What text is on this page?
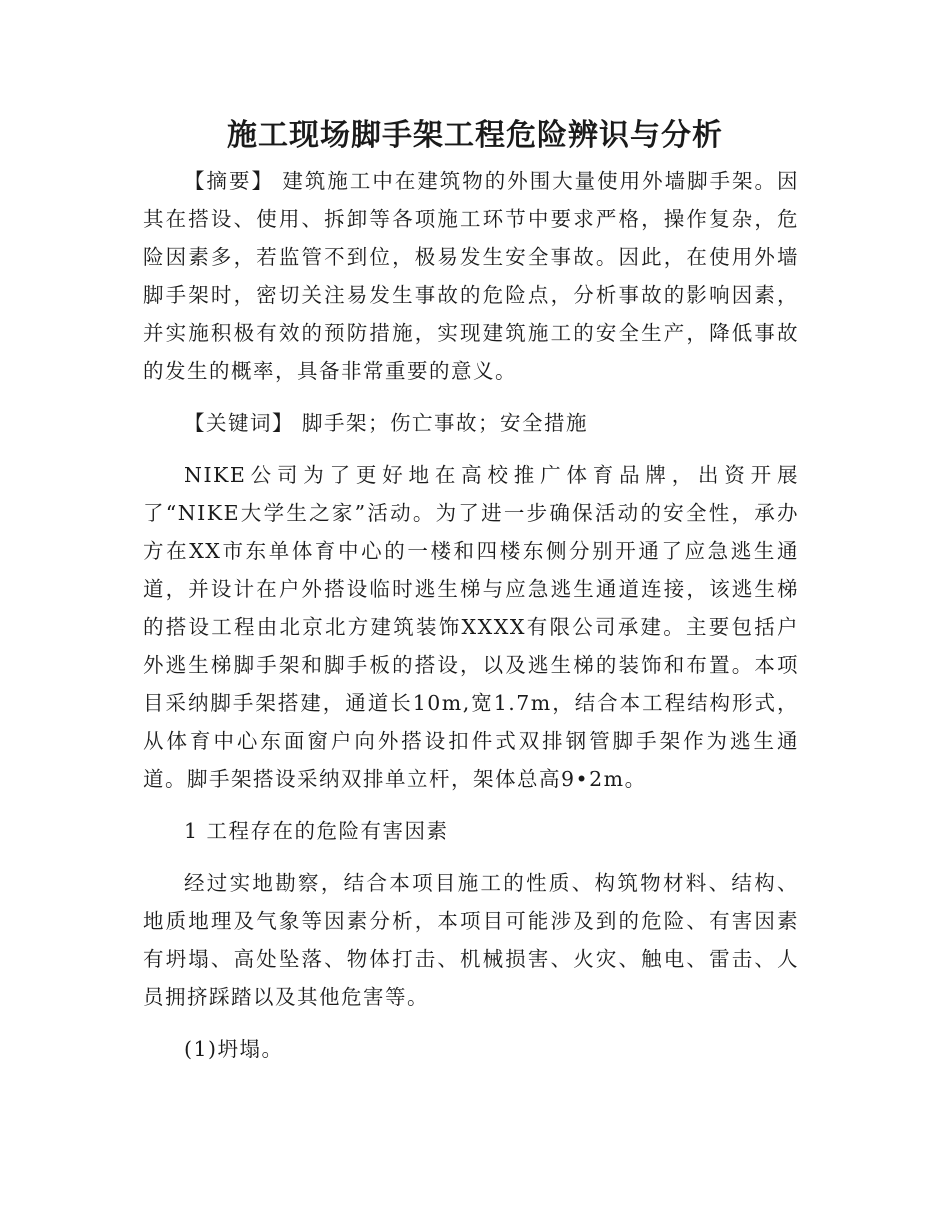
施工现场脚手架工程危险辨识与分析

【摘要】 建筑施工中在建筑物的外围大量使用外墙脚手架。因其在搭设、使用、拆卸等各项施工环节中要求严格，操作复杂，危险因素多，若监管不到位，极易发生安全事故。因此，在使用外墙脚手架时，密切关注易发生事故的危险点，分析事故的影响因素，并实施积极有效的预防措施，实现建筑施工的安全生产，降低事故的发生的概率，具备非常重要的意义。

【关键词】 脚手架；伤亡事故；安全措施

NIKE公司为了更好地在高校推广体育品牌，出资开展了“NIKE大学生之家”活动。为了进一步确保活动的安全性，承办方在XX市东单体育中心的一楼和四楼东侧分别开通了应急逃生通道，并设计在户外搭设临时逃生梯与应急逃生通道连接，该逃生梯的搭设工程由北京北方建筑装饰XXXX有限公司承建。主要包括户外逃生梯脚手架和脚手板的搭设，以及逃生梯的装饰和布置。本项目采纳脚手架搭建，通道长10m,宽1.7m，结合本工程结构形式，从体育中心东面窗户向外搭设扣件式双排钢管脚手架作为逃生通道。脚手架搭设采纳双排单立杆，架体总高9•2m。

1 工程存在的危险有害因素

经过实地勘察，结合本项目施工的性质、构筑物材料、结构、地质地理及气象等因素分析，本项目可能涉及到的危险、有害因素有坍塌、高处坠落、物体打击、机械损害、火灾、触电、雷击、人员拥挤踩踏以及其他危害等。

(1)坍塌。
